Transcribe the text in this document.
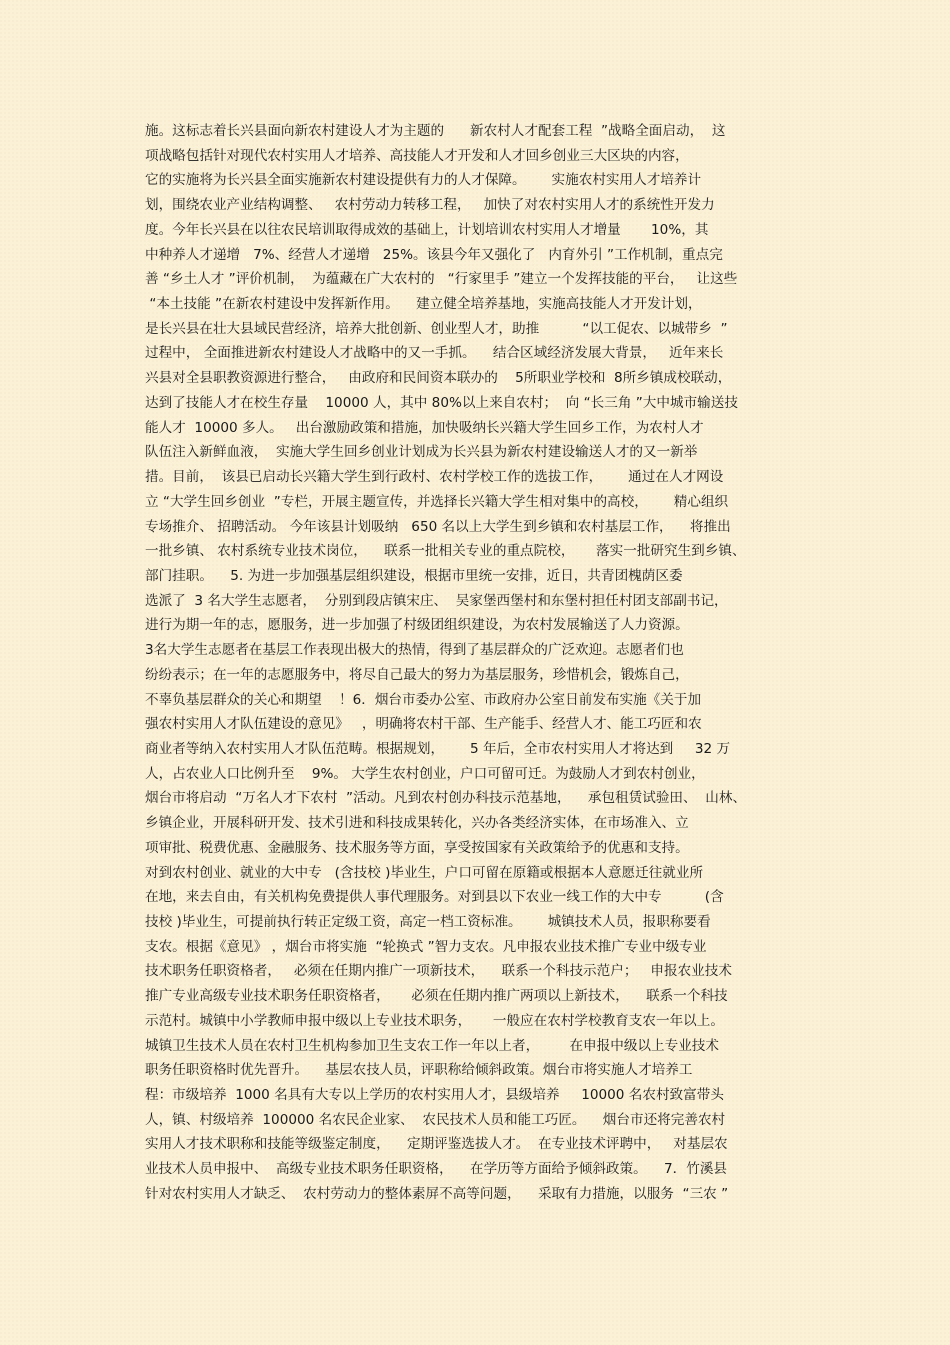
施。这标志着长兴县面向新农村建设人才为主题的      新农村人才配套工程  ”战略全面启动，  这
项战略包括针对现代农村实用人才培养、高技能人才开发和人才回乡创业三大区块的内容，
它的实施将为长兴县全面实施新农村建设提供有力的人才保障。      实施农村实用人才培养计
划，围绕农业产业结构调整、   农村劳动力转移工程，   加快了对农村实用人才的系统性开发力
度。今年长兴县在以往农民培训取得成效的基础上，计划培训农村实用人才增量       10%，其
中种养人才递增   7%、经营人才递增   25%。该县今年又强化了   内育外引 ”工作机制，重点完
善 “乡土人才 ”评价机制，  为蕴藏在广大农村的   “行家里手 ”建立一个发挥技能的平台，   让这些
“本土技能 ”在新农村建设中发挥新作用。    建立健全培养基地，实施高技能人才开发计划，
是长兴县在壮大县域民营经济，培养大批创新、创业型人才，助推          “以工促农、以城带乡  ”
过程中， 全面推进新农村建设人才战略中的又一手抓。    结合区域经济发展大背景，   近年来长
兴县对全县职教资源进行整合，   由政府和民间资本联办的    5所职业学校和  8所乡镇成校联动，
达到了技能人才在校生存量    10000 人，其中 80%以上来自农村；  向 “长三角 ”大中城市输送技
能人才  10000 多人。   出台激励政策和措施，加快吸纳长兴籍大学生回乡工作，为农村人才
队伍注入新鲜血液，  实施大学生回乡创业计划成为长兴县为新农村建设输送人才的又一新举
措。目前，  该县已启动长兴籍大学生到行政村、农村学校工作的选拔工作，      通过在人才网设
立 “大学生回乡创业  ”专栏，开展主题宣传，并选择长兴籍大学生相对集中的高校，      精心组织
专场推介、 招聘活动。 今年该县计划吸纳   650 名以上大学生到乡镇和农村基层工作，    将推出
一批乡镇、 农村系统专业技术岗位，    联系一批相关专业的重点院校，     落实一批研究生到乡镇、
部门挂职。    5. 为进一步加强基层组织建设，根据市里统一安排，近日，共青团槐荫区委
选派了  3 名大学生志愿者，  分别到段店镇宋庄、  吴家堡西堡村和东堡村担任村团支部副书记，
进行为期一年的志，愿服务，进一步加强了村级团组织建设，为农村发展输送了人力资源。
3名大学生志愿者在基层工作表现出极大的热情，得到了基层群众的广泛欢迎。志愿者们也
纷纷表示；在一年的志愿服务中，将尽自己最大的努力为基层服务，珍惜机会，锻炼自己，
不辜负基层群众的关心和期望    ！6．烟台市委办公室、市政府办公室日前发布实施《关于加
强农村实用人才队伍建设的意见》   ，明确将农村干部、生产能手、经营人才、能工巧匠和农
商业者等纳入农村实用人才队伍范畴。根据规划，      5 年后，全市农村实用人才将达到     32 万
人，占农业人口比例升至    9%。 大学生农村创业，户口可留可迁。为鼓励人才到农村创业，
烟台市将启动  “万名人才下农村  ”活动。凡到农村创办科技示范基地，    承包租赁试验田、  山林、
乡镇企业，开展科研开发、技术引进和科技成果转化，兴办各类经济实体，在市场准入、立
项审批、税费优惠、金融服务、技术服务等方面，享受按国家有关政策给予的优惠和支持。
对到农村创业、就业的大中专   (含技校 )毕业生，户口可留在原籍或根据本人意愿迁往就业所
在地，来去自由，有关机构免费提供人事代理服务。对到县以下农业一线工作的大中专          (含
技校 )毕业生，可提前执行转正定级工资，高定一档工资标准。      城镇技术人员，报职称要看
支农。根据《意见》 ，烟台市将实施  “轮换式 ”智力支农。凡申报农业技术推广专业中级专业
技术职务任职资格者，   必须在任期内推广一项新技术，    联系一个科技示范户；   申报农业技术
推广专业高级专业技术职务任职资格者，     必须在任期内推广两项以上新技术，    联系一个科技
示范村。城镇中小学教师申报中级以上专业技术职务，     一般应在农村学校教育支农一年以上。
城镇卫生技术人员在农村卫生机构参加卫生支农工作一年以上者，       在申报中级以上专业技术
职务任职资格时优先晋升。    基层农技人员，评职称给倾斜政策。烟台市将实施人才培养工
程：市级培养  1000 名具有大专以上学历的农村实用人才，县级培养     10000 名农村致富带头
人，镇、村级培养  100000 名农民企业家、  农民技术人员和能工巧匠。    烟台市还将完善农村
实用人才技术职称和技能等级鉴定制度，    定期评鉴选拔人才。  在专业技术评聘中，   对基层农
业技术人员申报中、  高级专业技术职务任职资格，    在学历等方面给予倾斜政策。    7．竹溪县
针对农村实用人才缺乏、  农村劳动力的整体素屏不高等问题，    采取有力措施，以服务  “三农 ”
